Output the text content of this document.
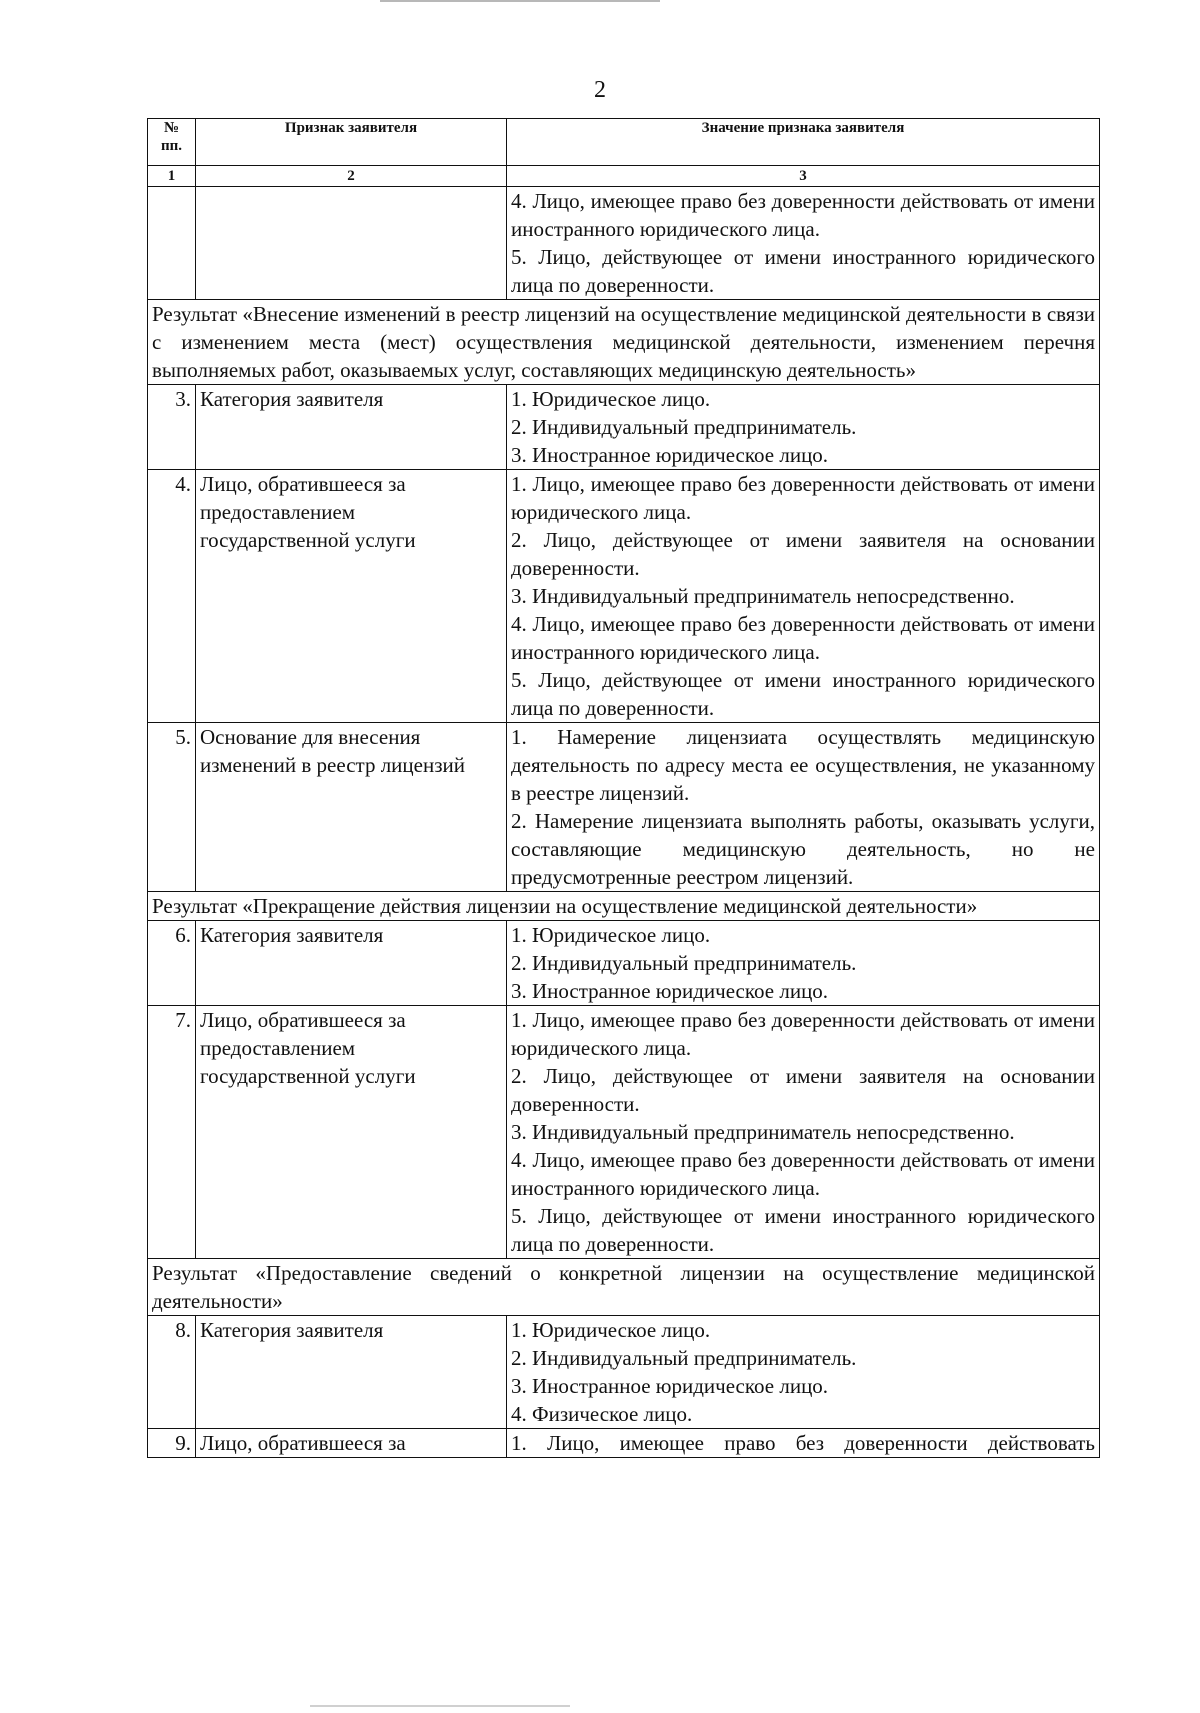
2
№ пп.	Признак заявителя	Значение признака заявителя
1	2	3

		4. Лицо, имеющее право без доверенности действовать от имени иностранного юридического лица.
5. Лицо, действующее от имени иностранного юридического лица по доверенности.

Результат «Внесение изменений в реестр лицензий на осуществление медицинской деятельности в связи с изменением места (мест) осуществления медицинской деятельности, изменением перечня выполняемых работ, оказываемых услуг, составляющих медицинскую деятельность»		
3.	Категория заявителя	1. Юридическое лицо.
2. Индивидуальный предприниматель.
3. Иностранное юридическое лицо.

4.	Лицо, обратившееся за предоставлением государственной услуги	1. Лицо, имеющее право без доверенности действовать от имени юридического лица.
2. Лицо, действующее от имени заявителя на основании доверенности.
3. Индивидуальный предприниматель непосредственно.
4. Лицо, имеющее право без доверенности действовать от имени иностранного юридического лица.
5. Лицо, действующее от имени иностранного юридического лица по доверенности.

5.	Основание для внесения изменений в реестр лицензий	1. Намерение лицензиата осуществлять медицинскую деятельность по адресу места ее осуществления, не указанному в реестре лицензий.
2. Намерение лицензиата выполнять работы, оказывать услуги, составляющие медицинскую деятельность, но не предусмотренные реестром лицензий.

Результат «Прекращение действия лицензии на осуществление медицинской деятельности»		
6.	Категория заявителя	1. Юридическое лицо.
2. Индивидуальный предприниматель.
3. Иностранное юридическое лицо.

7.	Лицо, обратившееся за предоставлением государственной услуги	1. Лицо, имеющее право без доверенности действовать от имени юридического лица.
2. Лицо, действующее от имени заявителя на основании доверенности.
3. Индивидуальный предприниматель непосредственно.
4. Лицо, имеющее право без доверенности действовать от имени иностранного юридического лица.
5. Лицо, действующее от имени иностранного юридического лица по доверенности.

Результат «Предоставление сведений о конкретной лицензии на осуществление медицинской деятельности»		
8.	Категория заявителя	1. Юридическое лицо.
2. Индивидуальный предприниматель.
3. Иностранное юридическое лицо.
4. Физическое лицо.

9.	Лицо, обратившееся за	1. Лицо, имеющее право без доверенности действовать
